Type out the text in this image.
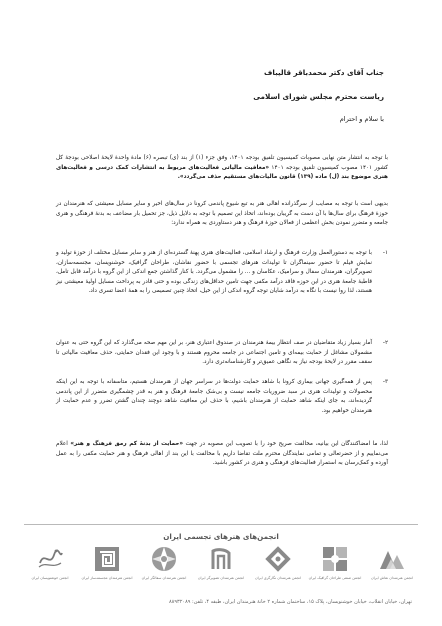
جناب آقای دکتر محمدباقر قالیباف
ریاست محترم مجلس شورای اسلامی
با سلام و احترام
با توجه به انتشار متن نهایی مصوبات کمیسیون تلفیق بودجه ۱۴۰۱، وفق جزء (۱) از بند (ی) تبصره (۶) مادهٔ واحدهٔ لایحهٔ اصلاحی بودجهٔ کل کشور ۱۴۰۱ مصوب کمیسیون تلفیق بودجه ۱۴۰۱ «معافیت مالیاتی فعالیت‌های مربوط به انتشارات کمک درسی و فعالیت‌های هنری موضوع بند (ل) ماده (۱۳۹) قانون مالیات‌های مستقیم حذف می‌گردد».
بدیهی است با توجه به مصایب از سرگذرانده اهالی هنر به تبع شیوع پاندمی کرونا در سال‌های اخیر و سایر مسایل معیشتی که هنرمندان در حوزهٔ فرهنگ برای سال‌ها با آن دست به گریبان بوده‌اند، اتخاذ این تصمیم با توجه به دلایل ذیل، جز تحمیل بار مضاعف به بدنهٔ فرهنگی و هنری جامعه و متضرر نمودن بخش اعظمی از فعالان حوزهٔ فرهنگ و هنر دستاوردی به همراه ندارد:
۱-
با توجه به دستورالعمل وزارت فرهنگ و ارشاد اسلامی، فعالیت‌های هنری پهنهٔ گسترده‌ای از هنر و سایر مسایل مختلف از حوزهٔ تولید و نمایش فیلم تا حضور سینماگران تا تولیدات هنرهای تجسمی با حضور نقاشان، طراحان گرافیک، خوشنویسان، مجسمه‌سازان، تصویرگران، هنرمندان سفال و سرامیک، عکاسان و ... را مشمول می‌گردد. با کنار گذاشتن جمع اندکی از این گروه با درآمد قابل تامل، قاطبهٔ جامعهٔ هنری در این حوزه فاقد درآمد مکفی جهت تامین حداقل‌های زندگی بوده و حتی قادر به پرداخت مسایل اولیهٔ معیشتی نیز هستند، لذا روا نیست با نگاه به درآمد شایان توجه گروه اندکی از این خیل، اتخاذ چنین تصمیمی را به همهٔ اعضا تسری داد.
۲-
آمار بسیار زیاد متقاضیان در صف انتظار بیمهٔ هنرمندان در صندوق اعتباری هنر، بر این مهم صحه می‌گذارد که این گروه حتی به عنوان مشمولان مشاغل از حمایت بیمه‌ای و تامین اجتماعی در جامعه محروم هستند و با وجود این فقدان حمایتی، حذف معافیت مالیاتی تا سقف مقرر در لایحهٔ بودجه نیاز به نگاهی عمیق‌تر و کارشناسانه‌تری دارد.
۳-
پس از همه‌گیری جهانی بیماری کرونا با شاهد حمایت دولت‌ها در سراسر جهان از هنرمندان هستیم، متاسفانه با توجه به این اینکه محصولات و تولیدات هنری در سبد ضروریات جامعه نیست و بی‌شک جامعهٔ فرهنگ و هنر به قدر چشمگیری متضرر از این پاندمی گردیده‌اند، به جای اینکه شاهد حمایت از هنرمندان باشیم، با حذف این معافیت شاهد دوچند چندان گشتن تضرر و عدم حمایت از هنرمندان خواهیم بود.
لذا، ما امضاکنندگان این بیانیه، مخالفت صریح خود را با تصویب این مصوبه در جهت «حمایت از بدنهٔ کم رمق فرهنگ و هنر» اعلام می‌نماییم و از حضرتعالی و تمامی نمایندگان محترم ملت تقاضا داریم با مخالفت با این بند از اهالی فرهنگ و هنر حمایت مکفی را به عمل آورده و کمک‌رسان به استمرار فعالیت‌های فرهنگی و هنری در کشور باشید.
انجمن‌های هنرهای تجسمی ایران
انجمن خوشنویسان ایران	انجمن هنرمندان مجسمه‌ساز ایران	انجمن هنرمندان سفالگر ایران	انجمن هنرمندان تصویرگر ایران	انجمن هنرمندان نگارگری ایران انجمن صنفی طراحان گرافیک ایران	انجمن هنرمندان نقاش ایران
تهران، خیابان انقلاب، خیابان خوشنویسان، پلاک ۱۵، ساختمان شماره ۲ خانهٔ هنرمندان ایران، طبقه ۴، تلفن: ۸۸۹۳۲۰۸۹
